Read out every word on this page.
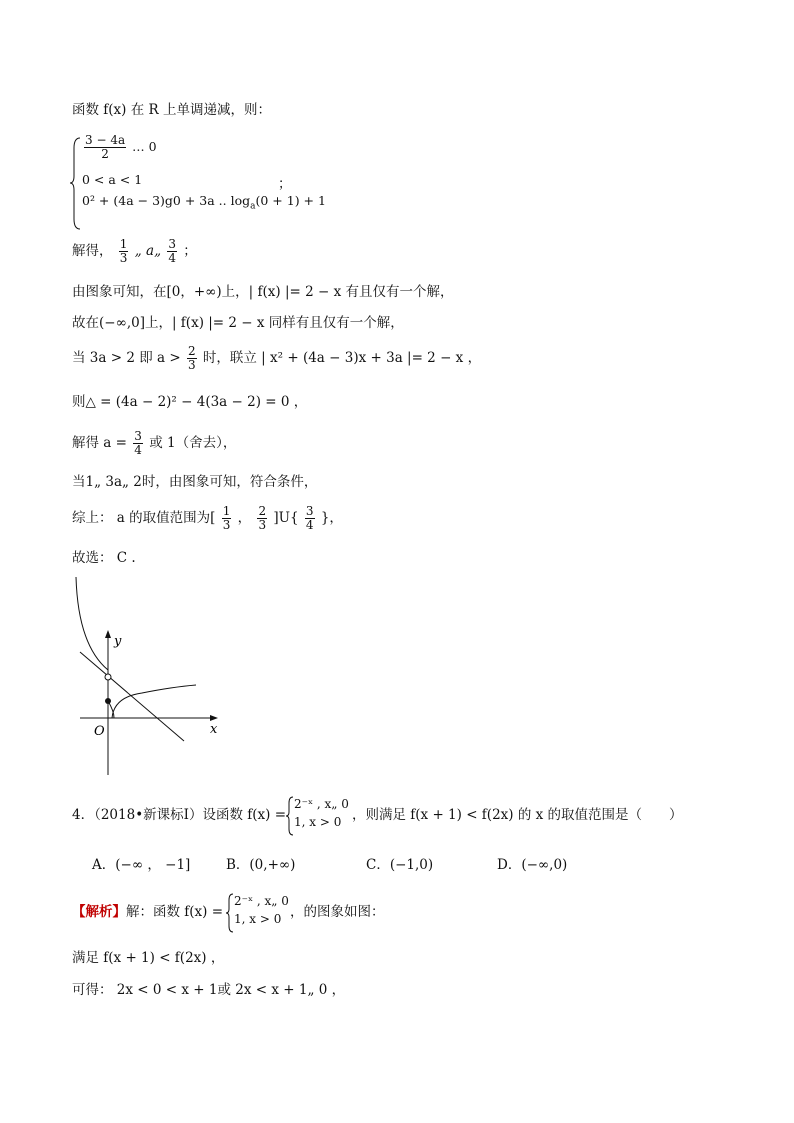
函数 f(x) 在 R 上单调递减，则：
$\frac{3 - 4a}{2}$ … 0
0 < a < 1
0² + (4a − 3)g0 + 3a .. $\log_a(0 + 1) + 1$
；
解得， $\frac{1}{3}$ „ a„ $\frac{3}{4}$ ；
由图象可知，在[0，+∞)上，| f(x) |= 2 − x 有且仅有一个解，
故在(−∞,0]上，| f(x) |= 2 − x 同样有且仅有一个解，
当 3a > 2 即 $a > \frac{2}{3}$ 时，联立 | x² + (4a − 3)x + 3a |= 2 − x ，
则△ = (4a − 2)² − 4(3a − 2) = 0 ，
解得 $a = \frac{3}{4}$ 或 1（舍去），
当1„ 3a„ 2时，由图象可知，符合条件，
综上： a 的取值范围为[ $\frac{1}{3}$ ， $\frac{2}{3} ]U\{ \frac{3}{4}$ }，
故选： C .
y
x
O
4．（2018•新课标Ⅰ）设函数 f(x) =
2⁻ˣ , x„ 0
1, x > 0 ，则满足 f(x + 1) < f(2x) 的 x 的取值范围是（　　）
A．(−∞ ， −1]	B．(0,+∞)	C．(−1,0)	D．(−∞,0)
【解析】解：函数 f(x) =
2⁻ˣ , x„ 0
1, x > 0 ，的图象如图：
满足 f(x + 1) < f(2x) ，
可得： 2x < 0 < x + 1或 2x < x + 1„ 0 ，
